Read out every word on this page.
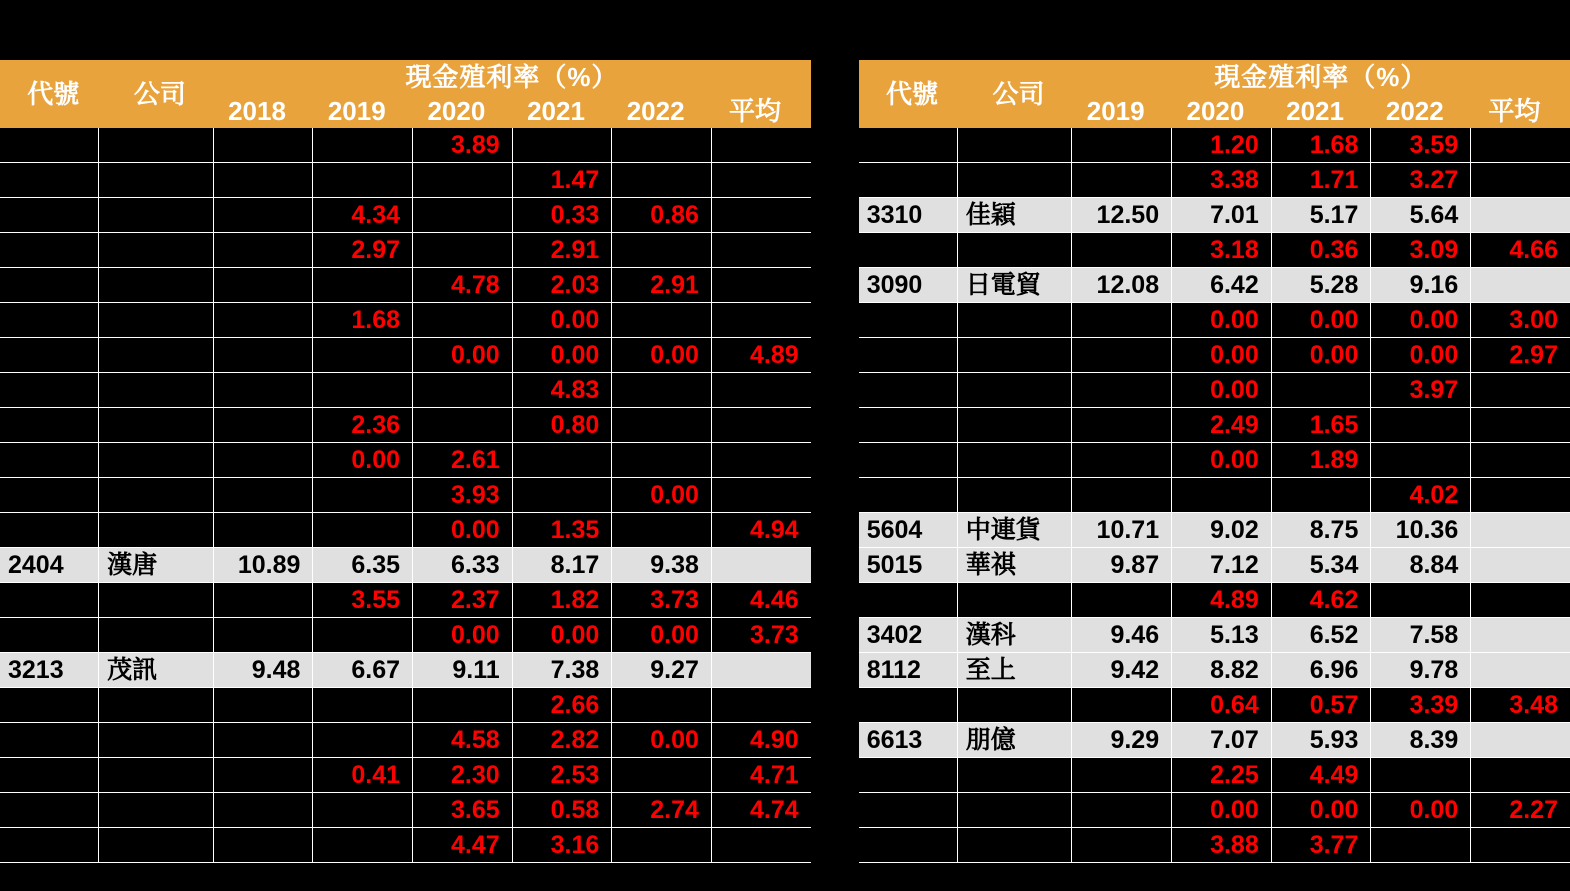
代號	公司	現金殖利率（%）					
		2018	2019	2020	2021	2022	平均
				3.89			
					1.47		
			4.34		0.33	0.86	
			2.97		2.91		
				4.78	2.03	2.91	
			1.68		0.00		
				0.00	0.00	0.00	4.89
					4.83		
			2.36		0.80		
			0.00	2.61			
				3.93		0.00	
				0.00	1.35		4.94
2404	漢唐	10.89	6.35	6.33	8.17	9.38	
			3.55	2.37	1.82	3.73	4.46
				0.00	0.00	0.00	3.73
3213	茂訊	9.48	6.67	9.11	7.38	9.27	
					2.66		
				4.58	2.82	0.00	4.90
			0.41	2.30	2.53		4.71
				3.65	0.58	2.74	4.74
				4.47	3.16		
代號	公司	現金殖利率（%）				
		2019	2020	2021	2022	平均
			1.20	1.68	3.59	
			3.38	1.71	3.27	
3310	佳穎	12.50	7.01	5.17	5.64	
			3.18	0.36	3.09	4.66
3090	日電貿	12.08	6.42	5.28	9.16	
			0.00	0.00	0.00	3.00
			0.00	0.00	0.00	2.97
			0.00		3.97	
			2.49	1.65		
			0.00	1.89		
					4.02	
5604	中連貨	10.71	9.02	8.75	10.36	
5015	華祺	9.87	7.12	5.34	8.84	
			4.89	4.62		
3402	漢科	9.46	5.13	6.52	7.58	
8112	至上	9.42	8.82	6.96	9.78	
			0.64	0.57	3.39	3.48
6613	朋億	9.29	7.07	5.93	8.39	
			2.25	4.49		
			0.00	0.00	0.00	2.27
			3.88	3.77		
